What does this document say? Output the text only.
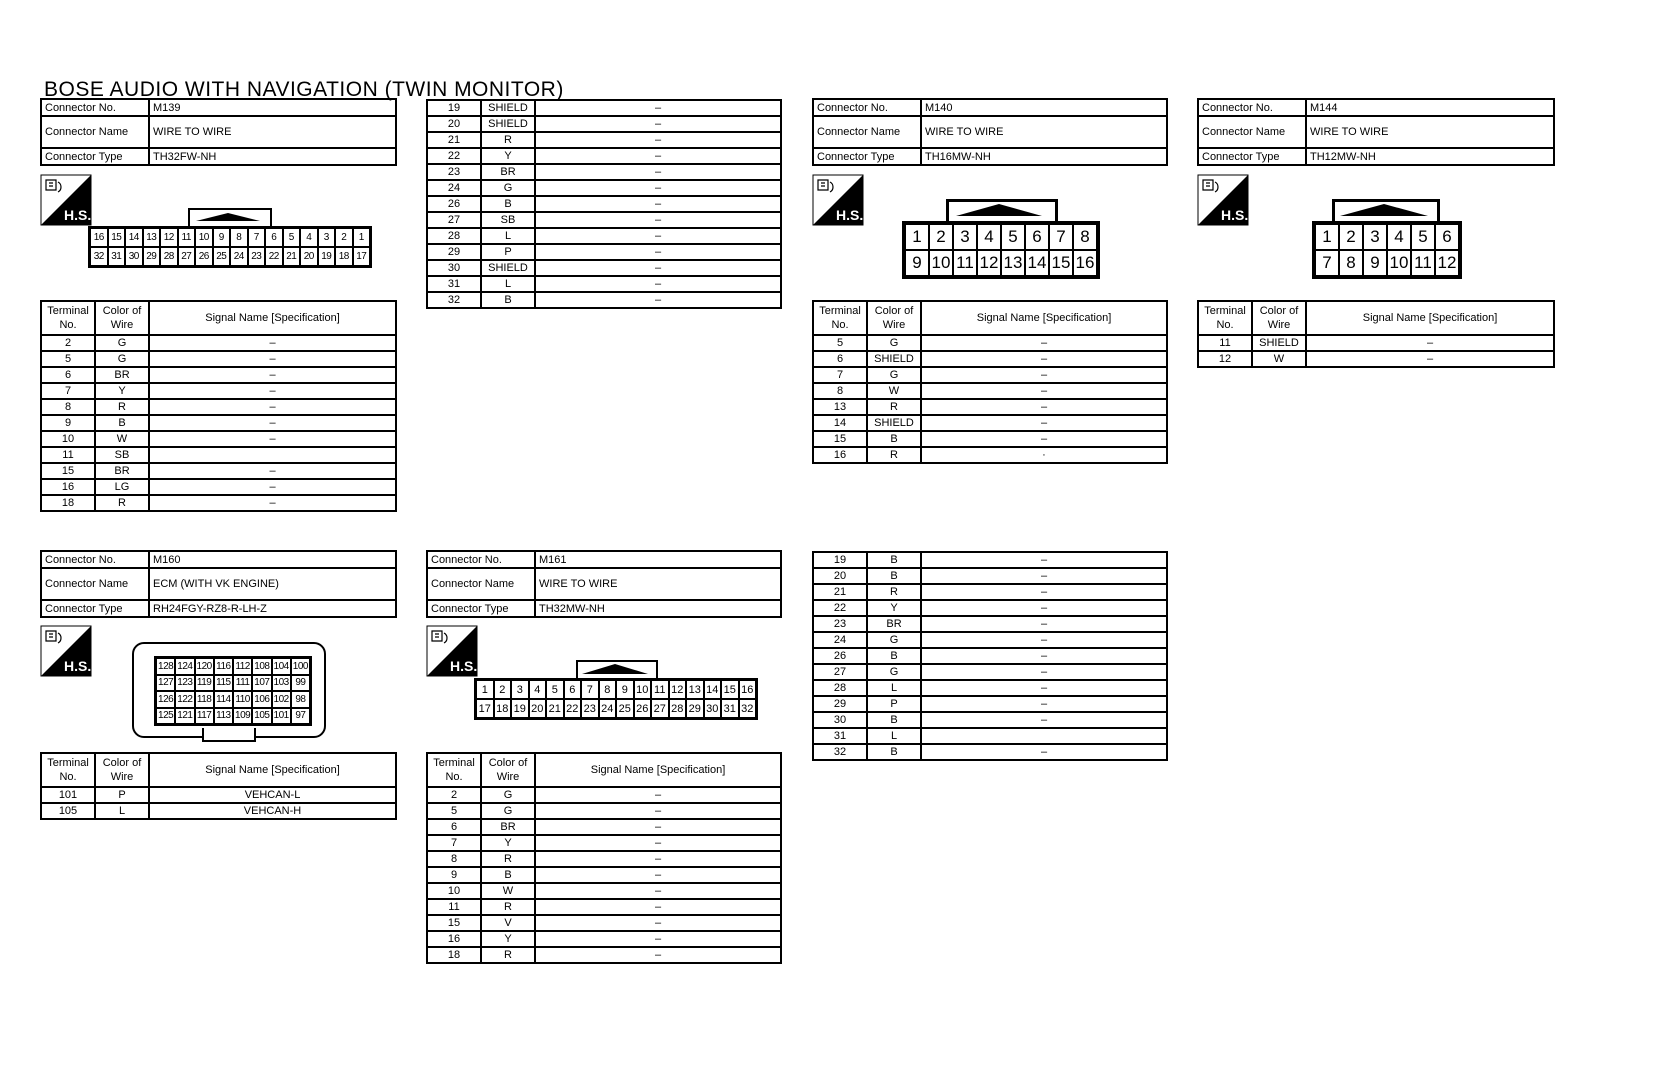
BOSE AUDIO WITH NAVIGATION (TWIN MONITOR)
Connector No.	M139
Connector Name	WIRE TO WIRE
Connector Type	TH32FW-NH
H.S.
16 15 14 13 12 11 10 9	8	7	6	5	4	3	2	1
32 31 30 29 28 27 26 25 24 23 22 21 20 19 18 17
Terminal No.	Color of Wire	Signal Name [Specification]
2	G	–
5	G	–
6	BR	–
7	Y	–
8	R	–
9	B	–
10	W	–
11	SB	
15	BR	–
16	LG	–
18	R	–
19	SHIELD	–
20	SHIELD	–
21	R	–
22	Y	–
23	BR	–
24	G	–
26	B	–
27	SB	–
28	L	–
29	P	–
30	SHIELD	–
31	L	–
32	B	–
Connector No.	M140
Connector Name	WIRE TO WIRE
Connector Type	TH16MW-NH
H.S.
1 2 3 4 5 6 7 8
9 10 11 12 13 14 15 16
Terminal No.	Color of Wire	Signal Name [Specification]
5	G	–
6	SHIELD	–
7	G	–
8	W	–
13	R	–
14	SHIELD	–
15	B	–
16	R	·
Connector No.	M144
Connector Name	WIRE TO WIRE
Connector Type	TH12MW-NH
H.S.
1 2 3 4 5 6
7 8 9 10 11 12
Terminal No.	Color of Wire	Signal Name [Specification]
11	SHIELD	–
12	W	–
Connector No.	M160
Connector Name	ECM (WITH VK ENGINE)
Connector Type	RH24FGY-RZ8-R-LH-Z
H.S.	128 124 120 116 112 108 104 100
127 123 119 115 111 107 103 99
126 122 118 114 110 106 102 98
125 121 117 113 109 105 101 97
Terminal No.	Color of Wire	Signal Name [Specification]
101	P	VEHCAN-L
105	L	VEHCAN-H
Connector No.	M161
Connector Name	WIRE TO WIRE
Connector Type	TH32MW-NH
H.S.
1	2	3	4	5	6	7	8	9 10 11 12 13 14 15 16
17 18 19 20 21 22 23 24 25 26 27 28 29 30 31 32
Terminal No.	Color of Wire	Signal Name [Specification]
2	G	–
5	G	–
6	BR	–
7	Y	–
8	R	–
9	B	–
10	W	–
11	R	–
15	V	–
16	Y	–
18	R	–
19	B	–
20	B	–
21	R	–
22	Y	–
23	BR	–
24	G	–
26	B	–
27	G	–
28	L	–
29	P	–
30	B	–
31	L	
32	B	–
